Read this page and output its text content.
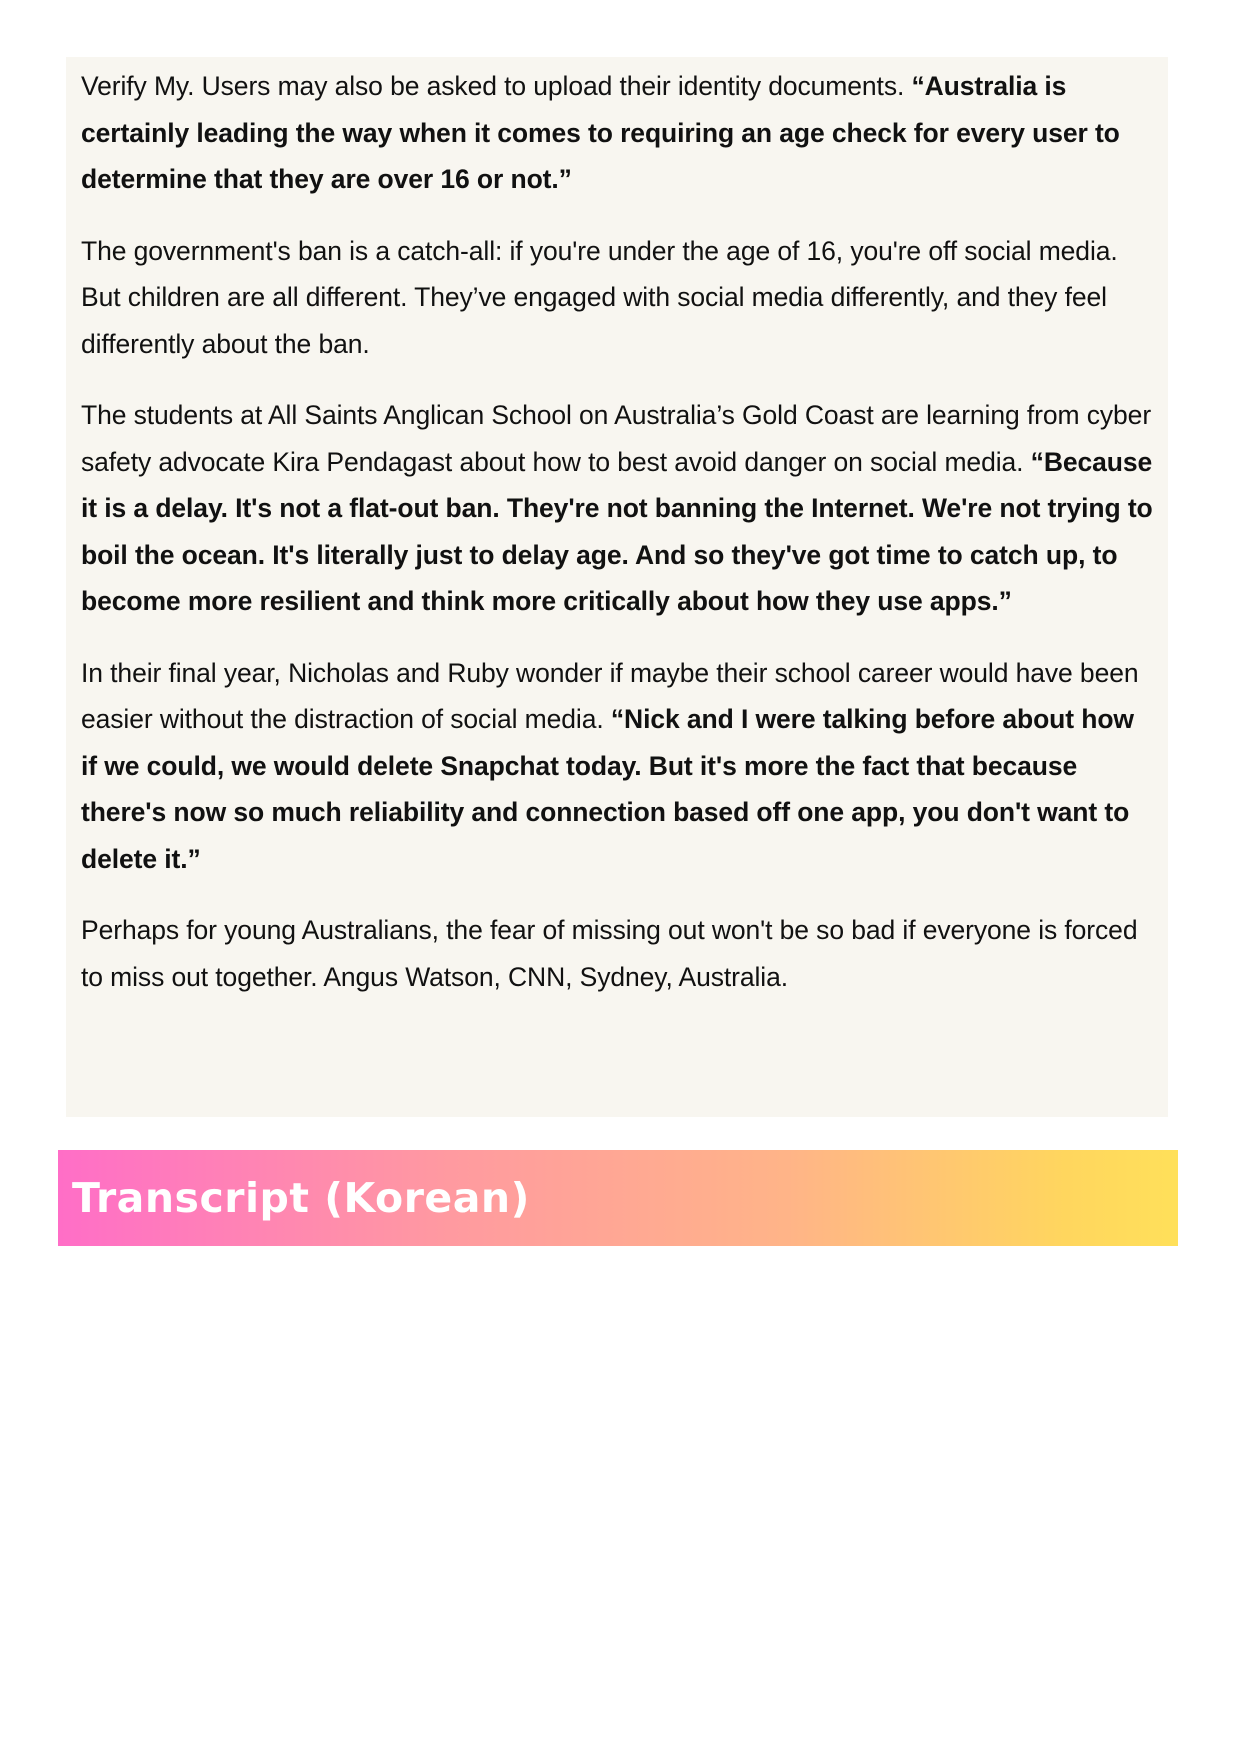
Verify My. Users may also be asked to upload their identity documents. “Australia is certainly leading the way when it comes to requiring an age check for every user to determine that they are over 16 or not.”

The government's ban is a catch-all: if you're under the age of 16, you're off social media. But children are all different. They’ve engaged with social media differently, and they feel differently about the ban.

The students at All Saints Anglican School on Australia’s Gold Coast are learning from cyber safety advocate Kira Pendagast about how to best avoid danger on social media. “Because it is a delay. It's not a flat-out ban. They're not banning the Internet. We're not trying to boil the ocean. It's literally just to delay age. And so they've got time to catch up, to become more resilient and think more critically about how they use apps.”

In their final year, Nicholas and Ruby wonder if maybe their school career would have been easier without the distraction of social media. “Nick and I were talking before about how if we could, we would delete Snapchat today. But it's more the fact that because there's now so much reliability and connection based off one app, you don't want to delete it.”

Perhaps for young Australians, the fear of missing out won't be so bad if everyone is forced to miss out together. Angus Watson, CNN, Sydney, Australia.

Transcript (Korean)
